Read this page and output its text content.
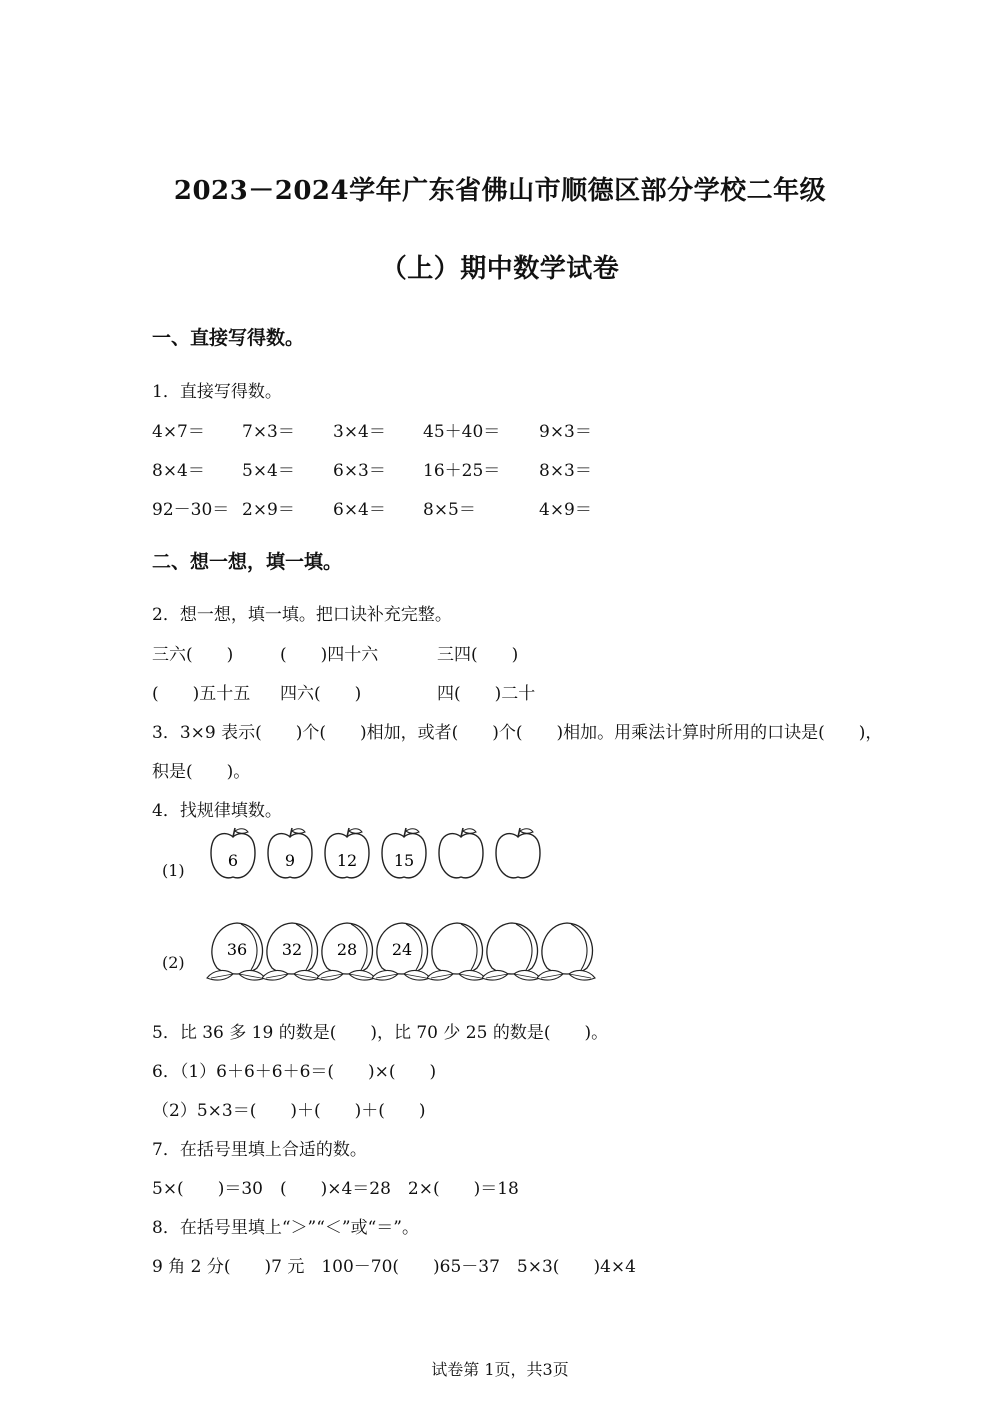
2023－2024学年广东省佛山市顺德区部分学校二年级
（上）期中数学试卷
一、直接写得数。
1．直接写得数。
4×7＝ 7×3＝ 3×4＝ 45＋40＝ 9×3＝
8×4＝ 5×4＝ 6×3＝ 16＋25＝ 8×3＝
92－30＝ 2×9＝ 6×4＝ 8×5＝	4×9＝
二、想一想，填一填。
2．想一想，填一填。把口诀补充完整。
三六(　　)	(　　)四十六	三四(　　)
(　　)五十五 四六(　　)	四(　　)二十
3．3×9 表示(　　)个(　　)相加，或者(　　)个(　　)相加。用乘法计算时所用的口诀是(　　)，
积是(　　)。
4．找规律填数。
(1)
6	9	12 15
(2)
36 32 28 24
5．比 36 多 19 的数是(　　)，比 70 少 25 的数是(　　)。
6．（1）6＋6＋6＋6＝(　　)×(　　)
（2）5×3＝(　　)＋(　　)＋(　　)
7．在括号里填上合适的数。
5×(　　)＝30　(　　)×4＝28　2×(　　)＝18
8．在括号里填上“＞”“＜”或“＝”。
9 角 2 分(　　)7 元　100－70(　　)65－37　5×3(　　)4×4
试卷第 1页，共3页
